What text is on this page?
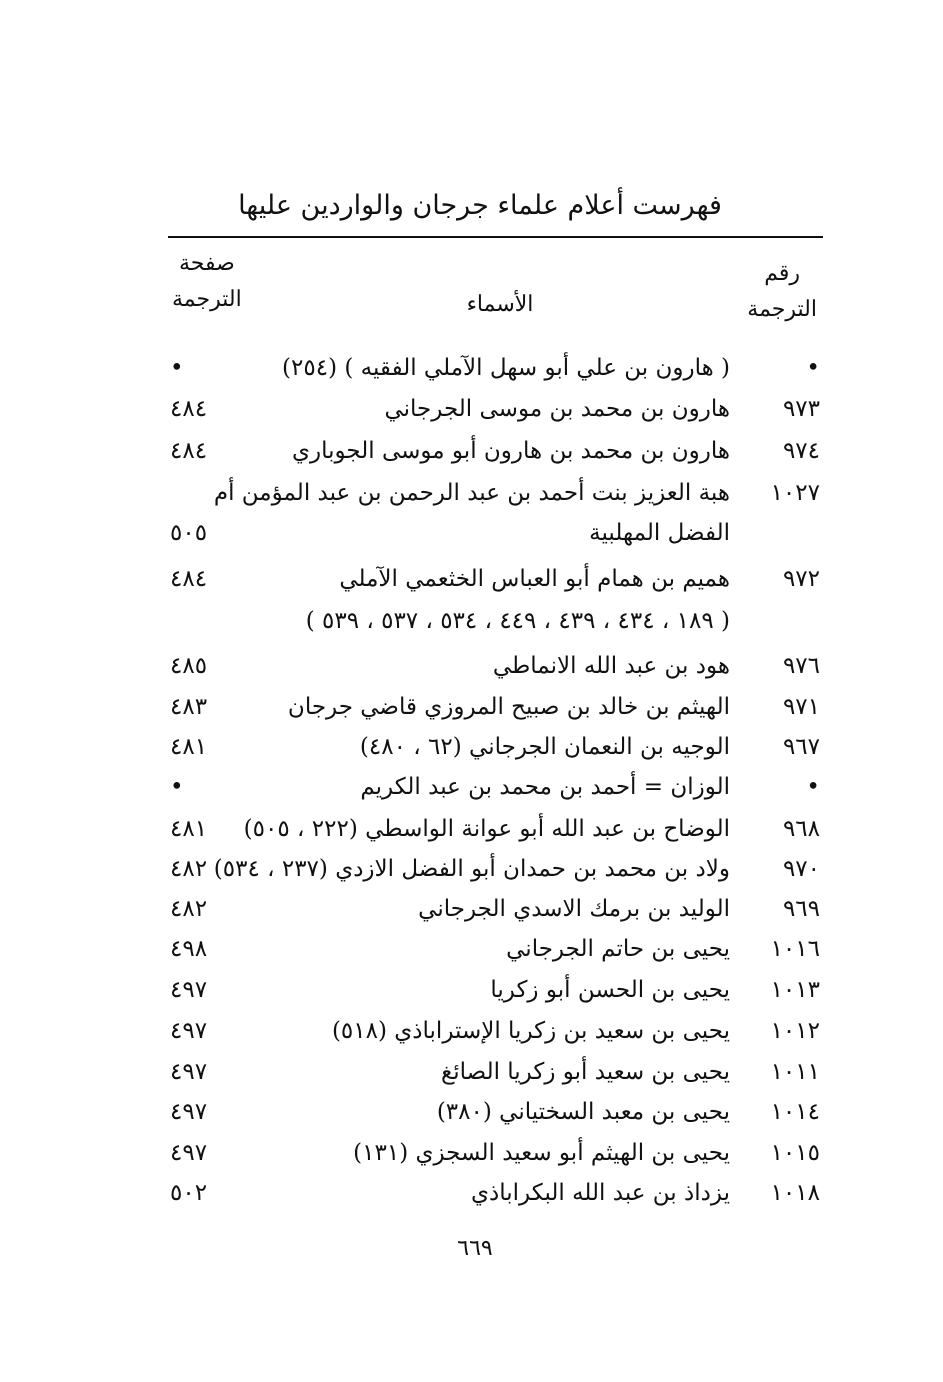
فهرست أعلام علماء جرجان والواردين عليها
رقم
الترجمة
الأسماء
صفحة
الترجمة
•
( هارون بن علي أبو سهل الآملي الفقيه ) (٢٥٤)
•
٩٧٣
هارون بن محمد بن موسى الجرجاني
٤٨٤
٩٧٤
هارون بن محمد بن هارون أبو موسى الجوباري
٤٨٤
١٠٢٧
هبة العزيز بنت أحمد بن عبد الرحمن بن عبد المؤمن أم
الفضل المهلبية
٥٠٥
٩٧٢
هميم بن همام أبو العباس الخثعمي الآملي
٤٨٤
( ١٨٩ ، ٤٣٤ ، ٤٣٩ ، ٤٤٩ ، ٥٣٤ ، ٥٣٧ ، ٥٣٩ )
٩٧٦
هود بن عبد الله الانماطي
٤٨٥
٩٧١
الهيثم بن خالد بن صبيح المروزي قاضي جرجان
٤٨٣
٩٦٧
الوجيه بن النعمان الجرجاني (٦٢ ، ٤٨٠)
٤٨١
•
الوزان = أحمد بن محمد بن عبد الكريم
•
٩٦٨
الوضاح بن عبد الله أبو عوانة الواسطي (٢٢٢ ، ٥٠٥)
٤٨١
٩٧٠
ولاد بن محمد بن حمدان أبو الفضل الازدي (٢٣٧ ، ٥٣٤)
٤٨٢
٩٦٩
الوليد بن برمك الاسدي الجرجاني
٤٨٢
١٠١٦
يحيى بن حاتم الجرجاني
٤٩٨
١٠١٣
يحيى بن الحسن أبو زكريا
٤٩٧
١٠١٢
يحيى بن سعيد بن زكريا الإستراباذي (٥١٨)
٤٩٧
١٠١١
يحيى بن سعيد أبو زكريا الصائغ
٤٩٧
١٠١٤
يحيى بن معبد السختياني (٣٨٠)
٤٩٧
١٠١٥
يحيى بن الهيثم أبو سعيد السجزي (١٣١)
٤٩٧
١٠١٨
يزداذ بن عبد الله البكراباذي
٥٠٢
٦٦٩
